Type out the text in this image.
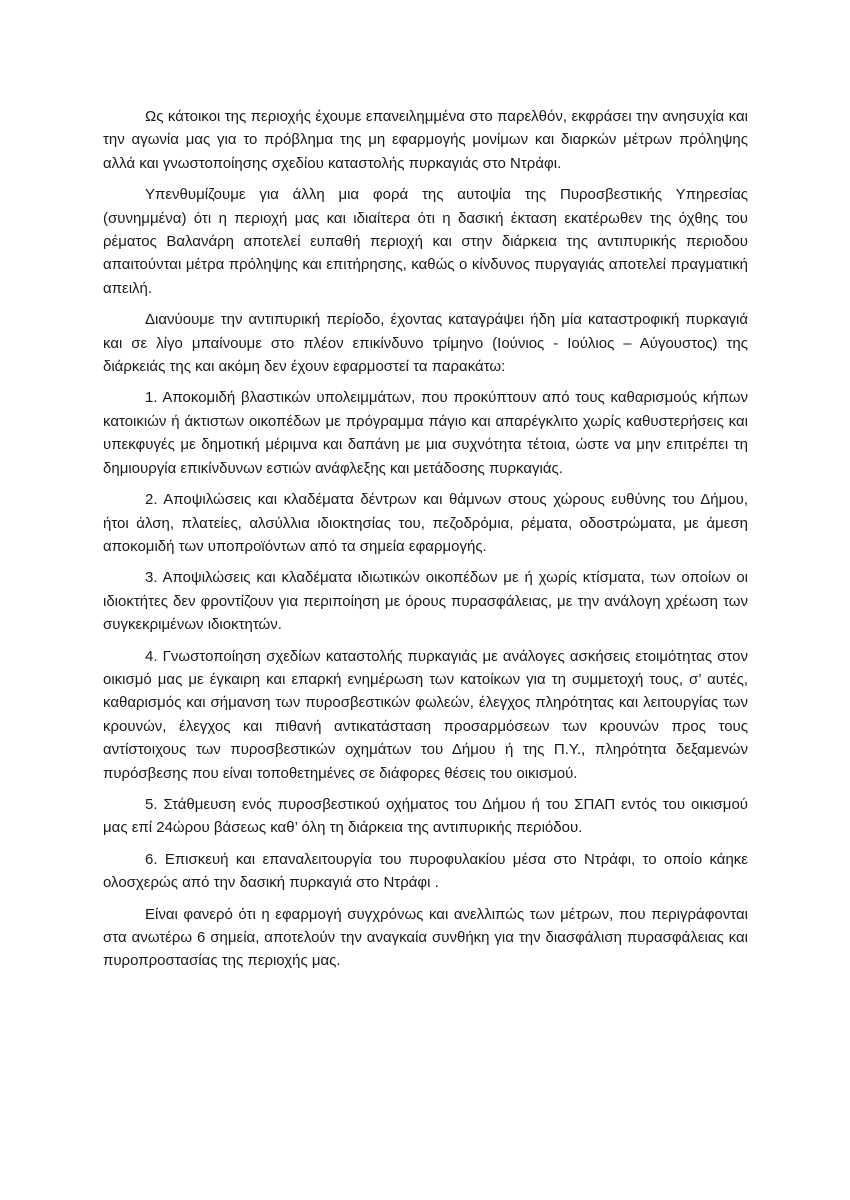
Ως κάτοικοι της περιοχής έχουμε επανειλημμένα στο παρελθόν, εκφράσει την ανησυχία και την αγωνία μας για το πρόβλημα της μη εφαρμογής μονίμων και διαρκών μέτρων πρόληψης αλλά και γνωστοποίησης σχεδίου καταστολής πυρκαγιάς στο Ντράφι.

Υπενθυμίζουμε για άλλη μια φορά της αυτοψία της Πυροσβεστικής Υπηρεσίας (συνημμένα) ότι η περιοχή μας και ιδιαίτερα ότι η δασική έκταση εκατέρωθεν της όχθης του ρέματος Βαλανάρη αποτελεί ευπαθή περιοχή και στην διάρκεια της αντιπυρικής περιοδου απαιτούνται μέτρα πρόληψης και επιτήρησης, καθώς ο κίνδυνος πυργαγιάς αποτελεί πραγματική απειλή.

Διανύουμε την αντιπυρική περίοδο, έχοντας καταγράψει ήδη μία καταστροφική πυρκαγιά και σε λίγο μπαίνουμε στο πλέον επικίνδυνο τρίμηνο (Ιούνιος - Ιούλιος – Αύγουστος) της διάρκειάς της και ακόμη δεν έχουν εφαρμοστεί τα παρακάτω:

1. Αποκομιδή βλαστικών υπολειμμάτων, που προκύπτουν από τους καθαρισμούς κήπων κατοικιών ή άκτιστων οικοπέδων με πρόγραμμα πάγιο και απαρέγκλιτο χωρίς καθυστερήσεις και υπεκφυγές με δημοτική μέριμνα και δαπάνη με μια συχνότητα τέτοια, ώστε να μην επιτρέπει τη δημιουργία επικίνδυνων εστιών ανάφλεξης και μετάδοσης πυρκαγιάς.

2. Αποψιλώσεις και κλαδέματα δέντρων και θάμνων στους χώρους ευθύνης του Δήμου, ήτοι άλση, πλατείες, αλσύλλια ιδιοκτησίας του, πεζοδρόμια, ρέματα, οδοστρώματα, με άμεση αποκομιδή των υποπροϊόντων από τα σημεία εφαρμογής.

3. Αποψιλώσεις και κλαδέματα ιδιωτικών οικοπέδων με ή χωρίς κτίσματα, των οποίων οι ιδιοκτήτες δεν φροντίζουν για περιποίηση με όρους πυρασφάλειας, με την ανάλογη χρέωση των συγκεκριμένων ιδιοκτητών.

4. Γνωστοποίηση σχεδίων καταστολής πυρκαγιάς με ανάλογες ασκήσεις ετοιμότητας στον οικισμό μας με έγκαιρη και επαρκή ενημέρωση των κατοίκων για τη συμμετοχή τους, σ’ αυτές, καθαρισμός και σήμανση των πυροσβεστικών φωλεών, έλεγχος πληρότητας και λειτουργίας των κρουνών, έλεγχος και πιθανή αντικατάσταση προσαρμόσεων των κρουνών προς τους αντίστοιχους των πυροσβεστικών οχημάτων του Δήμου ή της Π.Υ., πληρότητα δεξαμενών πυρόσβεσης που είναι τοποθετημένες σε διάφορες θέσεις του οικισμού.

5. Στάθμευση ενός πυροσβεστικού οχήματος του Δήμου ή του ΣΠΑΠ εντός του οικισμού μας επί 24ώρου βάσεως καθ’ όλη τη διάρκεια της αντιπυρικής περιόδου.

6. Επισκευή και επαναλειτουργία του πυροφυλακίου μέσα στο Ντράφι, το οποίο κάηκε ολοσχερώς από την δασική πυρκαγιά στο Ντράφι .

Είναι φανερό ότι η εφαρμογή συγχρόνως και ανελλιπώς των μέτρων, που περιγράφονται στα ανωτέρω 6 σημεία, αποτελούν την αναγκαία συνθήκη για την διασφάλιση πυρασφάλειας και πυροπροστασίας της περιοχής μας.
